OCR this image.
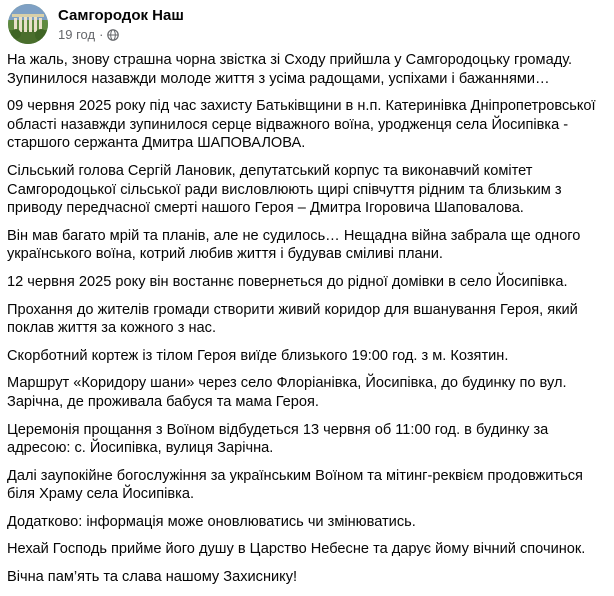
Самгородок Наш
19 год ·

На жаль, знову страшна чорна звістка зі Сходу прийшла у Самгородоцьку громаду. Зупинилося назавжди молоде життя з усіма радощами, успіхами і бажаннями…

09 червня 2025 року під час захисту Батьківщини в н.п. Катеринівка Дніпропетровської області назавжди зупинилося серце відважного воїна, уродженця села Йосипівка - старшого сержанта Дмитра ШАПОВАЛОВА.

Сільський голова Сергій Лановик, депутатський корпус та виконавчий комітет Самгородоцької сільської ради висловлюють щирі співчуття рідним та близьким з приводу передчасної смерті нашого Героя – Дмитра Ігоровича Шаповалова.

Він мав багато мрій та планів, але не судилось… Нещадна війна забрала ще одного українського воїна, котрий любив життя і будував сміливі плани.

12 червня 2025 року він востаннє повернеться до рідної домівки в село Йосипівка.

Прохання до жителів громади створити живий коридор для вшанування Героя, який поклав життя за кожного з нас.

Скорботний кортеж із тілом Героя виїде близького 19:00 год. з м. Козятин.

Маршрут «Коридору шани» через село Флоріанівка, Йосипівка, до будинку по вул. Зарічна, де проживала бабуся та мама Героя.

Церемонія прощання з Воїном відбудеться 13 червня об 11:00 год. в будинку за адресою: с. Йосипівка, вулиця Зарічна.

Далі заупокійне богослужіння за українським Воїном та мітинг-реквієм продовжиться біля Храму села Йосипівка.

Додатково: інформація може оновлюватись чи змінюватись.

Нехай Господь прийме його душу в Царство Небесне та дарує йому вічний спочинок.

Вічна пам’ять та слава нашому Захиснику!
